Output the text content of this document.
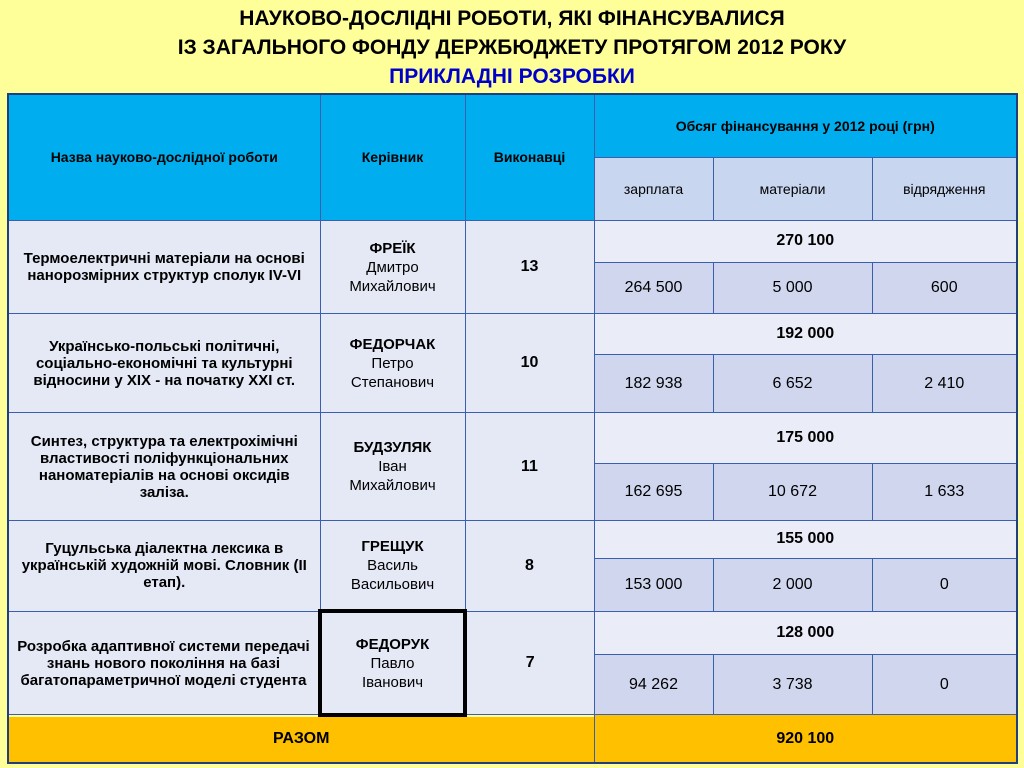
НАУКОВО-ДОСЛІДНІ РОБОТИ, ЯКІ ФІНАНСУВАЛИСЯ
ІЗ ЗАГАЛЬНОГО ФОНДУ ДЕРЖБЮДЖЕТУ ПРОТЯГОМ 2012 РОКУ
ПРИКЛАДНІ РОЗРОБКИ
Назва науково-дослідної роботи	Керівник	Виконавці	Обсяг фінансування у 2012 році (грн)		
			зарплата	матеріали	відрядження
Термоелектричні матеріали на основі нанорозмірних структур сполук IV-VI	ФРЕЇК
Дмитро
Михайлович	13	270 100		
			264 500	5 000	600
Українсько-польські політичні, соціально-економічні та культурні відносини у XIX - на початку XXI ст.	ФЕДОРЧАК
Петро
Степанович	10	192 000		
			182 938	6 652	2 410
Синтез, структура та електрохімічні властивості поліфункціональних наноматеріалів на основі оксидів заліза.	БУДЗУЛЯК
Іван
Михайлович	11	175 000		
			162 695	10 672	1 633
Гуцульська діалектна лексика в українській художній мові. Словник (ІІ етап).	ГРЕЩУК
Василь
Васильович	8	155 000		
			153 000	2 000	0
Розробка адаптивної системи передачі знань нового покоління на базі багатопараметричної моделі студента	ФЕДОРУК
Павло
Іванович	7	128 000		
			94 262	3 738	0
РАЗОМ			920 100		
